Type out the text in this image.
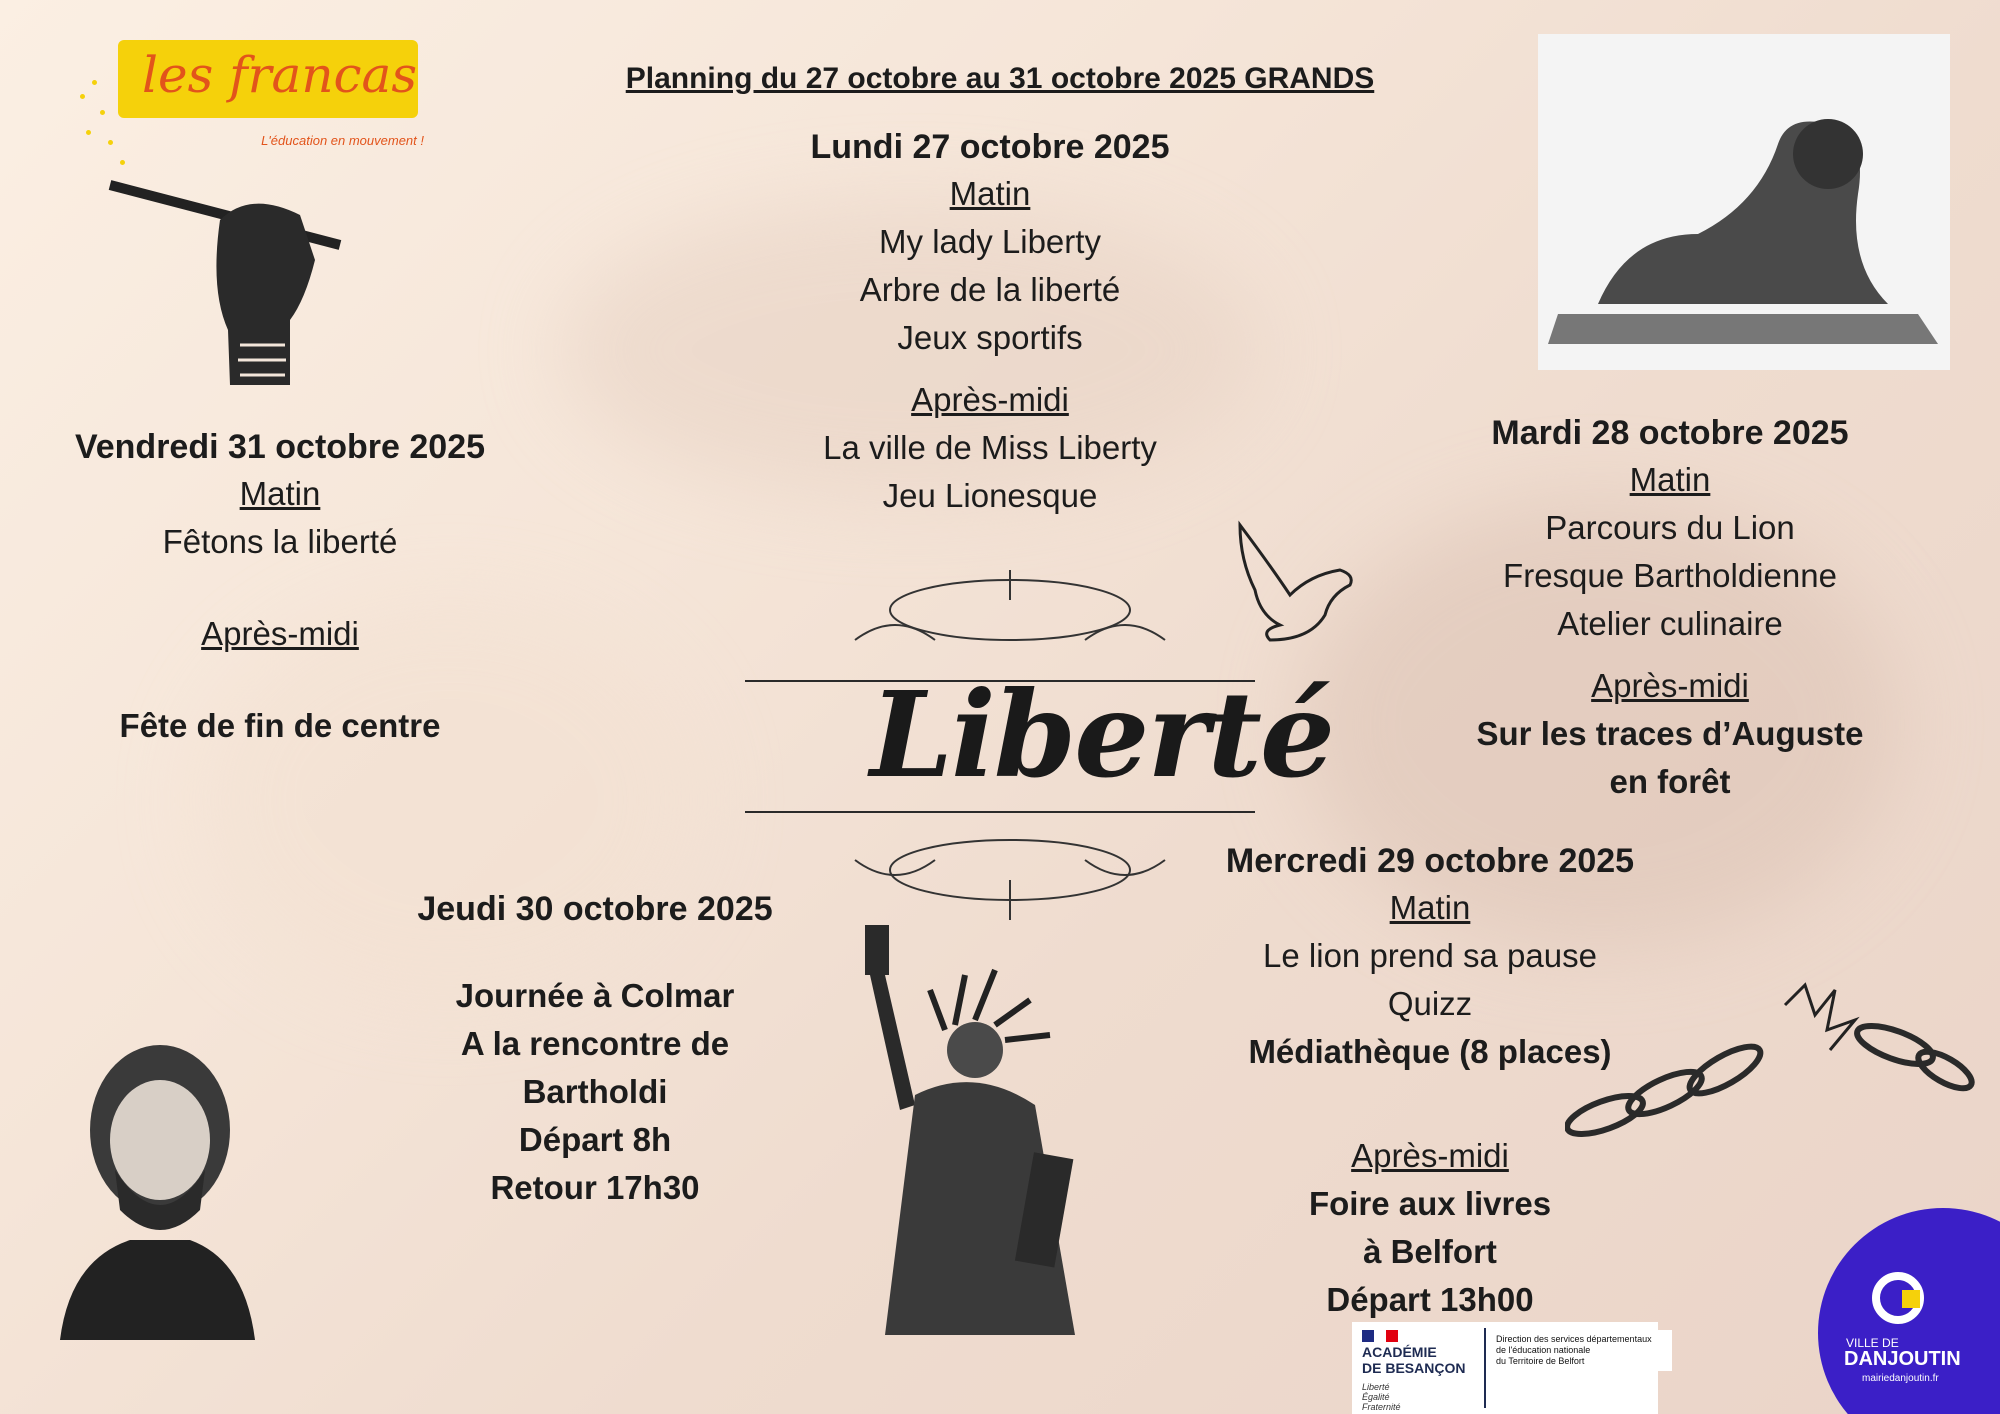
les francas
L'éducation en mouvement !
Planning du 27 octobre au 31 octobre 2025 GRANDS
Lundi 27 octobre 2025
Matin
My lady Liberty
Arbre de la liberté
Jeux sportifs
Après-midi
La ville de Miss Liberty
Jeu Lionesque
Vendredi 31 octobre 2025
Matin
Fêtons la liberté
Après-midi
Fête de fin de centre
Mardi 28 octobre 2025
Matin
Parcours du Lion
Fresque Bartholdienne
Atelier culinaire
Après-midi
Sur les traces d’Auguste
en forêt
Liberté
Mercredi 29 octobre 2025
Matin
Le lion prend sa pause
Quizz
Médiathèque (8 places)
Après-midi
Foire aux livres
à Belfort
Départ 13h00
Jeudi 30 octobre 2025
Journée à Colmar
A la rencontre de
Bartholdi
Départ 8h
Retour 17h30
ACADÉMIE
DE BESANÇON
Liberté
Égalité
Fraternité
Direction des services départementaux
de l'éducation nationale
du Territoire de Belfort
VILLE DE
DANJOUTIN
mairiedanjoutin.fr
